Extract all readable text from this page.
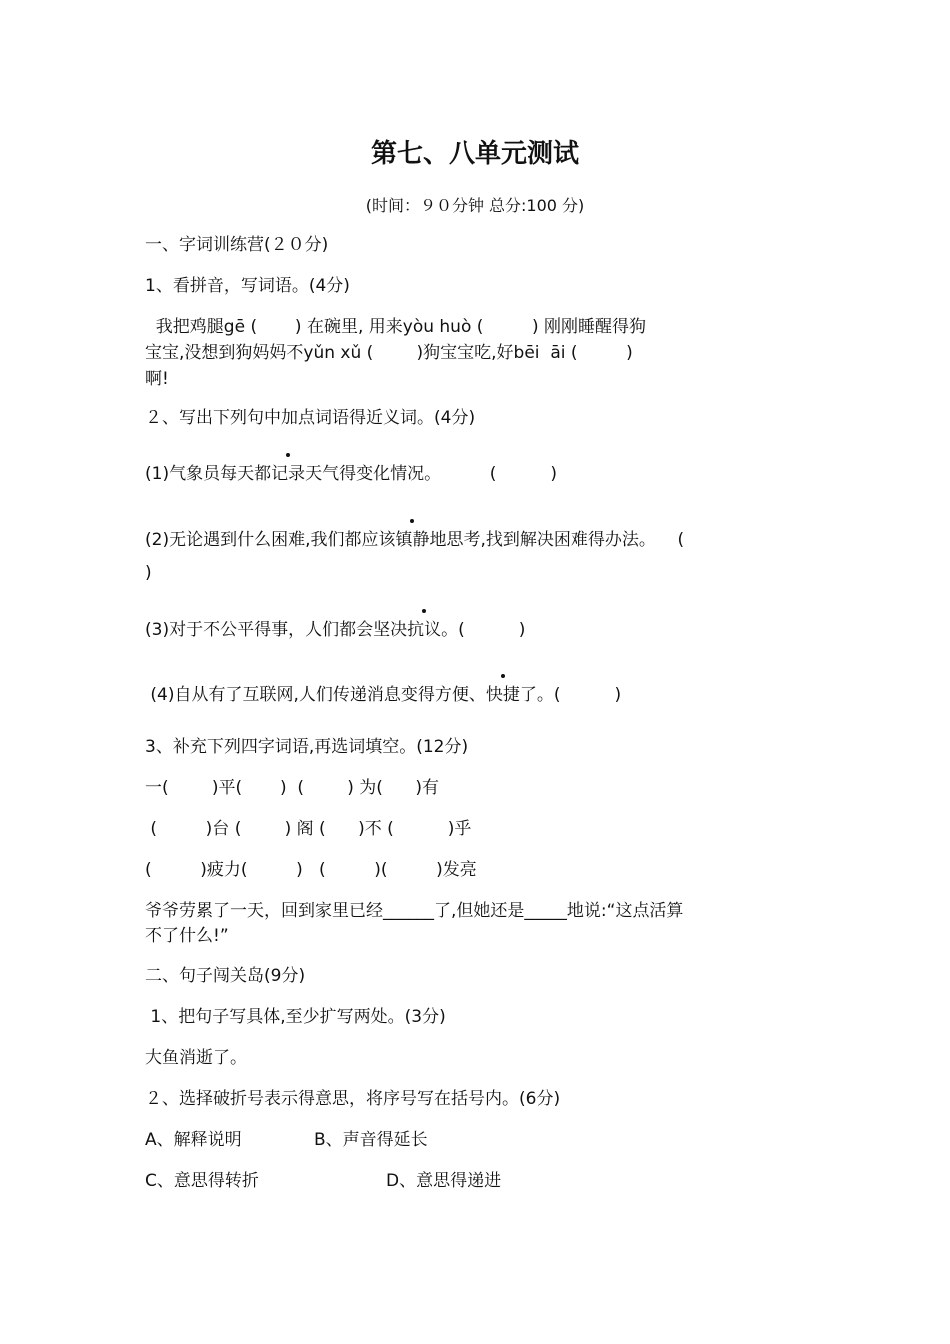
第七、八单元测试
(时间：９０分钟 总分:100 分)
一、字词训练营(２０分)
1、看拼音，写词语。(4分)
我把鸡腿gē (       ) 在碗里, 用来yòu huò (         ) 刚刚睡醒得狗
宝宝,没想到狗妈妈不yǔn xǔ (        )狗宝宝吃,好bēi  āi (         )
啊!
２、写出下列句中加点词语得近义词。(4分)
(1)气象员每天都记录天气得变化情况。         (          )
(2)无论遇到什么困难,我们都应该镇静地思考,找到解决困难得办法。    (
)
(3)对于不公平得事，人们都会坚决抗议。(          )
(4)自从有了互联网,人们传递消息变得方便、快捷了。(          )
3、补充下列四字词语,再选词填空。(12分)
一(        )平(       )  (        ) 为(      )有
(         )台 (        ) 阁 (      )不 (          )乎
(         )疲力(         )   (         )(         )发亮
爷爷劳累了一天，回到家里已经______了,但她还是_____地说:“这点活算
不了什么!”
二、句子闯关岛(9分)
1、把句子写具体,至少扩写两处。(3分)
大鱼消逝了。
２、选择破折号表示得意思，将序号写在括号内。(6分)
A、解释说明	B、声音得延长
C、意思得转折	D、意思得递进
